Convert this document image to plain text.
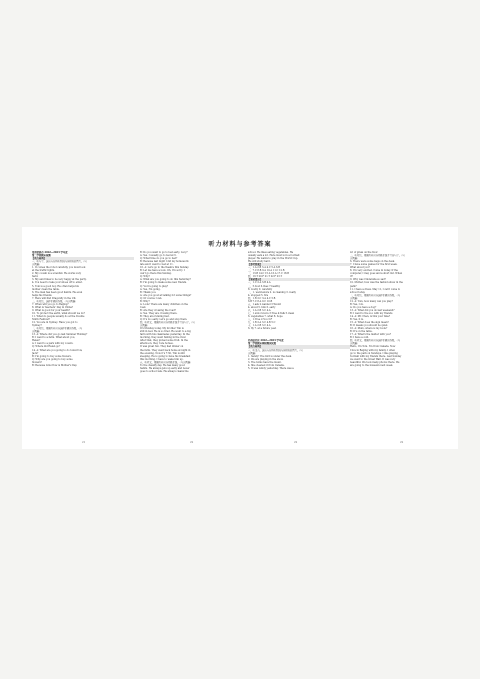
听力材料与参考答案
常州常熟市 2022—2023 学年度
第二学期期末检测
【听力材料】
一、听句子，选出与你所听到的内容相符的图片。（句
读两遍）
1. It comes the robot carefully, you must look
at the traffic lights.
2. My cousin is a scientist. He works very
hard.
3. My aunt likes to be very happy at the party.
4. You need to take your shoes off to enter.
5. Tom is a good boy. He often helps his
mother clean the table.
6. The man has been good habits. He even
helps his friends.
7. Here will find Dragonfly in the UK.
二、听对话，选择正确的答案。（句读两遍）
7. When will you go to Beijing?
8. What is Teachers' Day in China?
9. What is good for your health?
10. To protect the earth, what should we do?
11. What do people usually do at the Double
Ninth Festival?
12. You are in Sydney. Have you got to
Sydney?
三、听对话，根据所听内容选择正确的答案。（句
读两遍）
13. A: Where did you go last Summer Holiday?
B: I went to a farm. What about you,
Helen?
A: I went to a park with my cousin.
Q: Where did Helen go?
14. A: What are you going to do tomorrow,
Jack?
B: I'm going to buy some flowers.
Q: Why are you going to buy some
flowers?
B: Because tomorrow is Mother's Day.
B: Do you want to go to bed early, Lucy?
A: Yes. I usually go to bed at 9.
Q: What time do you go to bed?
B: Because last night I did my homework
late and I went to bed at 11.
16. A: Let's go to the theatre this Sunday.
B: Let me have a look. Oh, I'm sorry. I
can't go there this Sunday.
Q: Why?
A: What are you going to do this Saturday?
B: I'm going to make some new friends.
Q: You're going to play?
A: Yes, I'm going.
B: Thank you.
A: Are you good at talking for some things?
Q: Of course I can.
B: Why?
A: Look! There are many children on the
road.
B: Are they crossing the road?
A: Yes. They are crossing there.
B: They are running fast.
Q: It's too early. Let's go and stop them.
四、听短文，根据所听内容判断正误并写出句子。（句
读两遍）
It's Monday today. My brother Tim is
still in bed. He is so tired. He went to a big
farm with his classmates yesterday. In the
morning, they went fishing in the river.
After that, they picked some fruit. In the
afternoon, they rode horses.
It was great fun. They had dinner on
the farm. They went back home at night in
the evening. Now it's 7:30, Tim is still
sleeping. He is going to have his breakfast
this morning. I have to wake him up.
五、听短文，根据所听内容判断正误。（句读两遍）
To the classify day. He has many good
habits. He always gets up early and never
goes to school late. He always cleans the
school. He likes eating vegetables. He
usually eats a lot. Here must is in a football
player. He wants to play in the World Cup.
He will study hard.
【参考答案】
一、1.A 2.B 3.A 4.C 5.A 6.B
二、7.C 8.B 9.A 10.A 11.C 12.B
三、13.B 14.C 15.A 16.A 17.C 18.B
四、19.T 20.F 21.T 22.F 23.T
【笔试部分】
一、1.C 2.A 3.B 4.A
二、5.food 6.lives 7.healthy
8. loudly 9. carefully
三、1. well-tenure 2. is cleaning 3. really
4. stopped 5. fire
四、1.B 2.C 3.A 4.C 5.B
6.B 7.C 8.A 9.C 10.B
五、1.ask 2.wanted 3.Would
4. about 5. him 6. early
六、1.A 2.B 3.C 4.A
七、1.sick 2.more 3.Tree 4.Talk 5.clean
6. vegetables 7. what 8. hope
八、1.Tree 2.You 3.F
九、1.B 2.A 3.C 4.B 5.C
十、1.A 2.B 3.C 4.A
6. fly 7. at a future year.
苏州姑苏区 2022—2023 学年度
第二学期期末调研测试试题
【听力材料】
一、听录音，选出与你所听到的内容相符的图片。（句
读两遍）
1. Sandy! The bird is under the desk.
2. We are playing in the snow.
3. The twins have the music.
4. She cleaned it from Canada.
5. It was windy yesterday. There was a
lot of grass on the floor.
二、听对话，根据所听内容判断正误并写出句子。（句
读两遍）
6. There were some bags on the desk.
7. I have some games for the first week.
What about you?
8. I'm very excited. Come in today. If the
computer, I may goes and a short list. When
it?
9. Why was Cinderella so sad?
10. Mother, how was the fashion show in the
park?
11. I have a dress. May 11, I can't come to
school today.
三、听对话，根据所听内容选择正确的答案。（句
读两遍）
12. A: Tom, how many can you play?
B: Yes, I do.
A: Do you have a dog?
13. A: What did you do last weekend?
B: I went to the zoo with my friends.
14. A: Mr. Chen, is this your bike?
B: Yes, it is.
15. A: What does the sign mean?
B: It means you should be quiet.
16. A: Mum, where is my book?
B: It's on the table.
17. A: What's the matter with you?
B: I have a cold.
四、听短文，根据所听内容选择正确的答案。（句
读两遍）
Hello, I'm Tom. I'm from Canada. Now
I live in Beijing with my family. I often
go to the park on Sundays. I like playing
football with my friends there. Last Sunday
we went to the Great Wall. It was very
beautiful. We took many photos there. We
are going to the museum next week.
21	22	22	22
